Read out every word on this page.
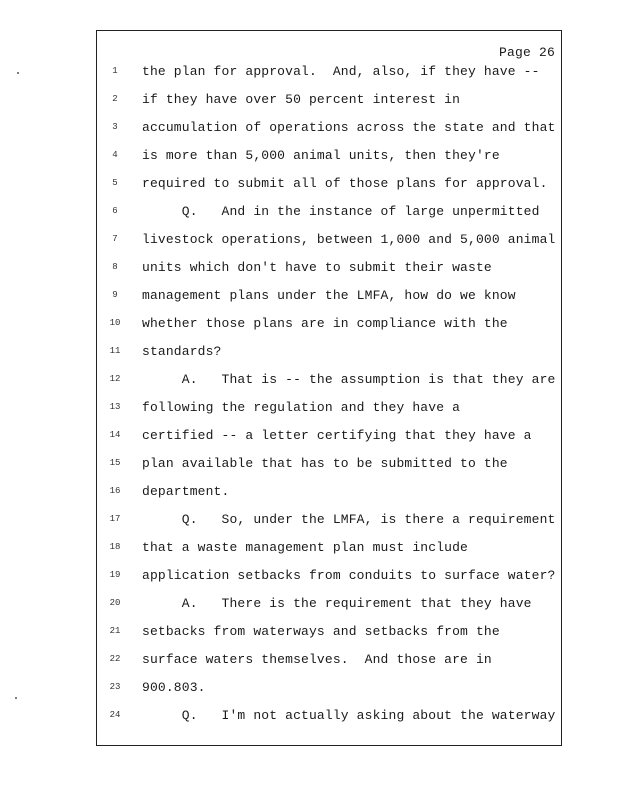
Page 26
1	the plan for approval.  And, also, if they have --
2	if they have over 50 percent interest in
3	accumulation of operations across the state and that
4	is more than 5,000 animal units, then they're
5	required to submit all of those plans for approval.
6	Q.   And in the instance of large unpermitted
7	livestock operations, between 1,000 and 5,000 animal
8	units which don't have to submit their waste
9	management plans under the LMFA, how do we know
10	whether those plans are in compliance with the
11	standards?
12	A.   That is -- the assumption is that they are
13	following the regulation and they have a
14	certified -- a letter certifying that they have a
15	plan available that has to be submitted to the
16	department.
17	Q.   So, under the LMFA, is there a requirement
18	that a waste management plan must include
19	application setbacks from conduits to surface water?
20	A.   There is the requirement that they have
21	setbacks from waterways and setbacks from the
22	surface waters themselves.  And those are in
23	900.803.
24	Q.   I'm not actually asking about the waterway
